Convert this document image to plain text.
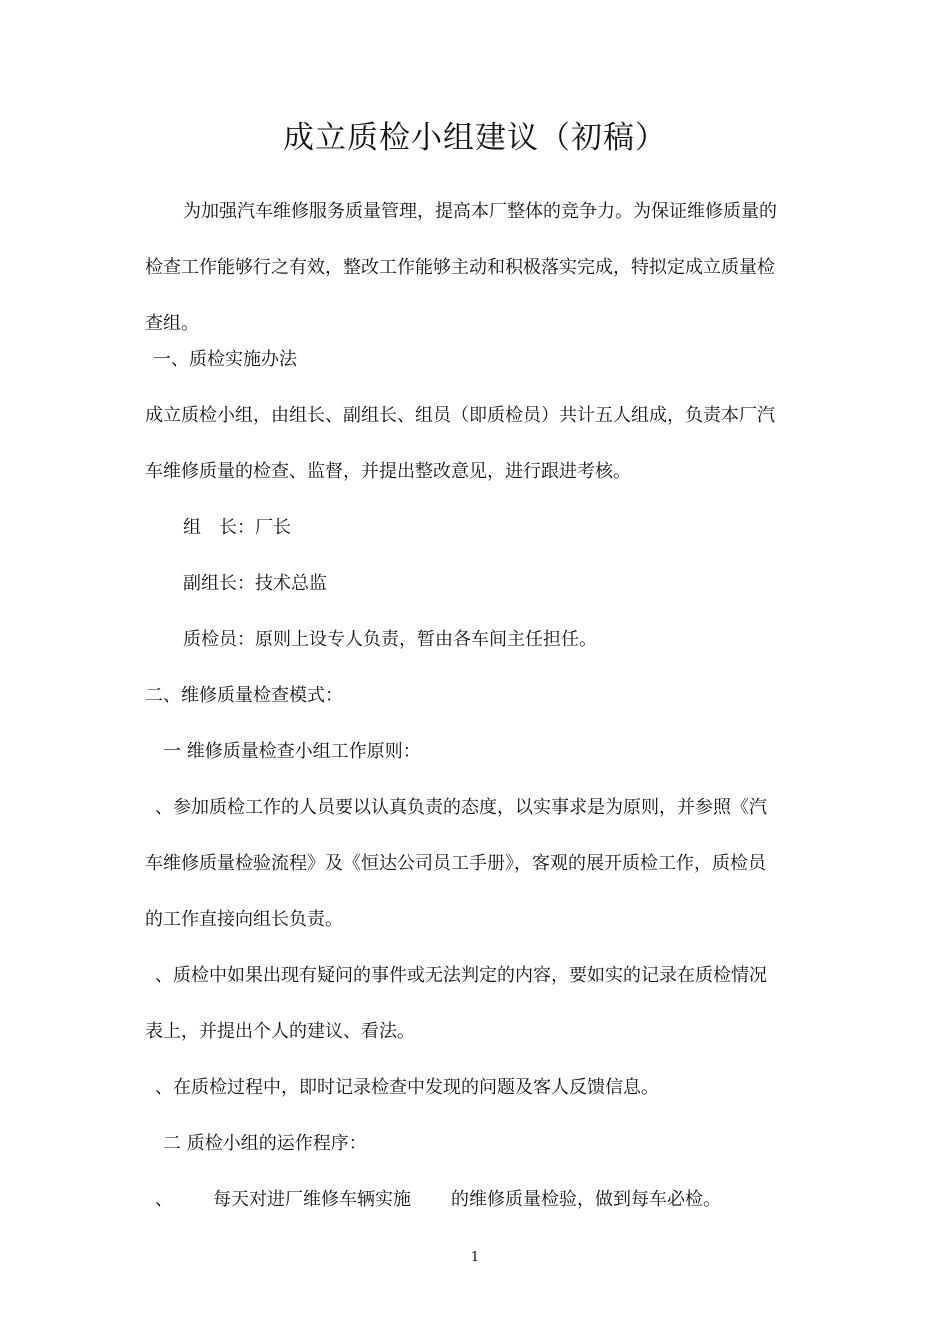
成立质检小组建议（初稿）
为加强汽车维修服务质量管理，提高本厂整体的竞争力。为保证维修质量的
检查工作能够行之有效，整改工作能够主动和积极落实完成，特拟定成立质量检
查组。
一、质检实施办法
成立质检小组，由组长、副组长、组员（即质检员）共计五人组成，负责本厂汽
车维修质量的检查、监督，并提出整改意见，进行跟进考核。
组　长：厂长
副组长：技术总监
质检员：原则上设专人负责，暂由各车间主任担任。
二、维修质量检查模式：
一 维修质量检查小组工作原则：
、参加质检工作的人员要以认真负责的态度，以实事求是为原则，并参照《汽
车维修质量检验流程》及《恒达公司员工手册》，客观的展开质检工作，质检员
的工作直接向组长负责。
、质检中如果出现有疑问的事件或无法判定的内容，要如实的记录在质检情况
表上，并提出个人的建议、看法。
、在质检过程中，即时记录检查中发现的问题及客人反馈信息。
二 质检小组的运作程序：
、 每天对进厂维修车辆实施 的维修质量检验，做到每车必检。
1
